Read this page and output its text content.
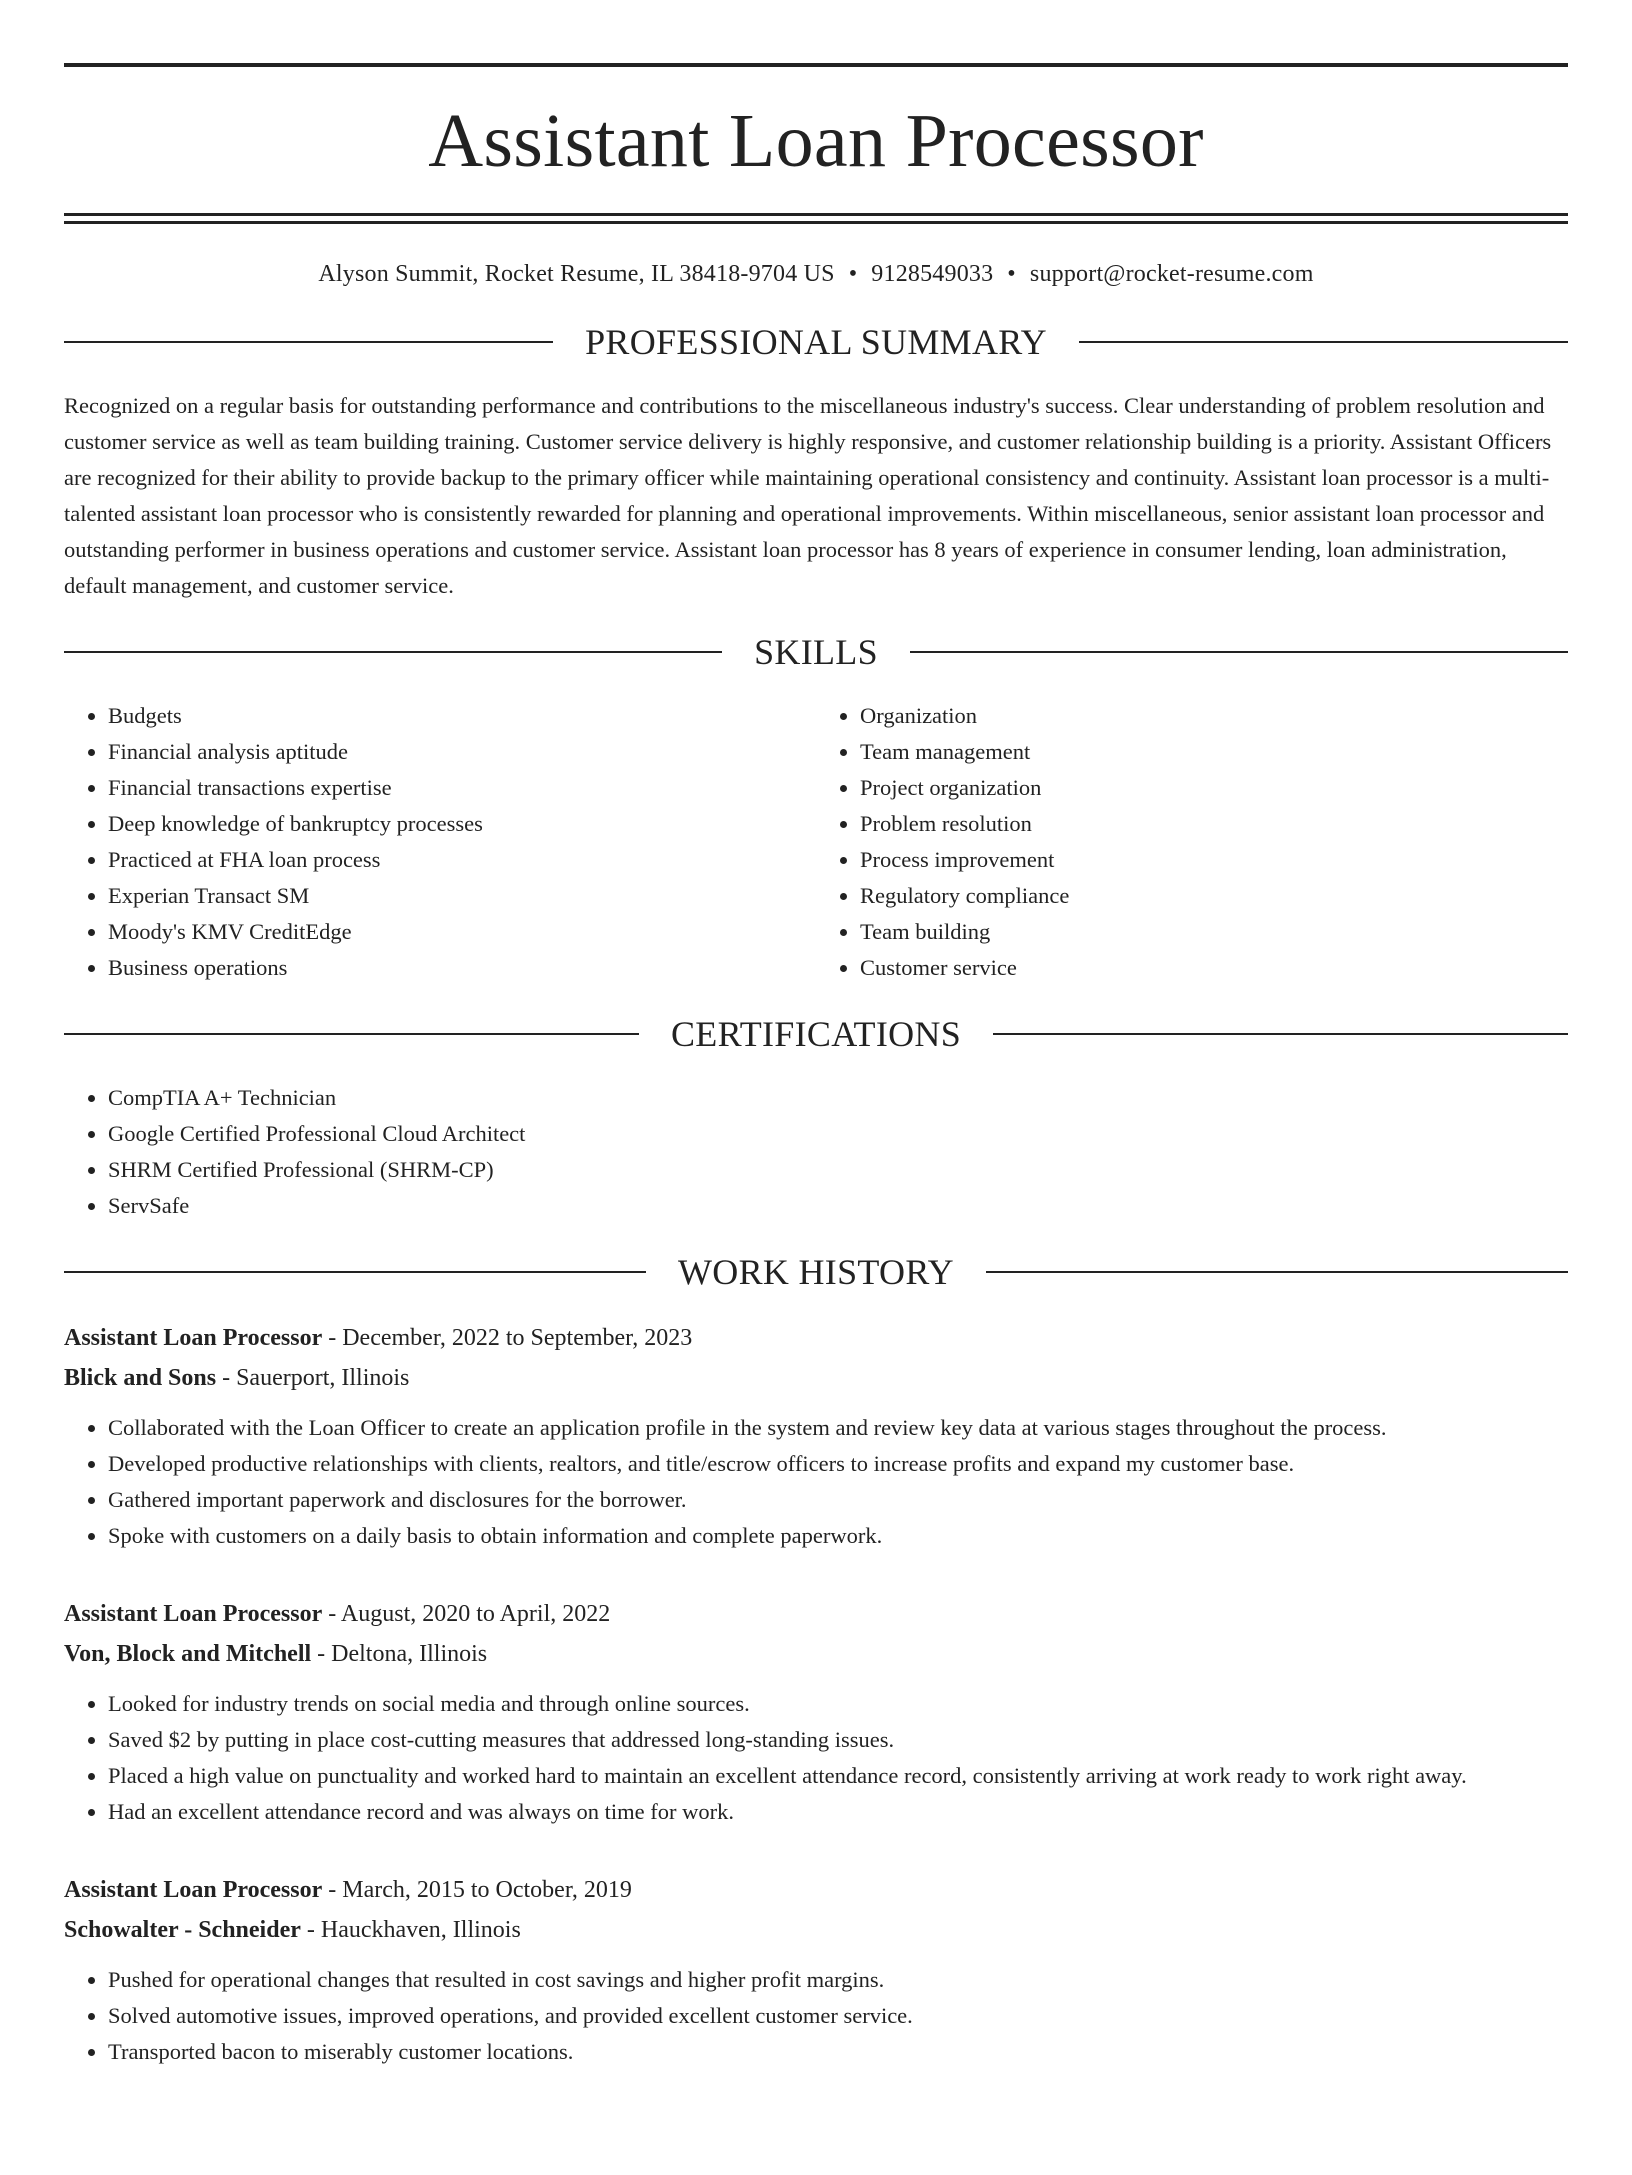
Assistant Loan Processor
Alyson Summit, Rocket Resume, IL 38418-9704 US • 9128549033 • support@rocket-resume.com
PROFESSIONAL SUMMARY
Recognized on a regular basis for outstanding performance and contributions to the miscellaneous industry's success. Clear understanding of problem resolution and customer service as well as team building training. Customer service delivery is highly responsive, and customer relationship building is a priority. Assistant Officers are recognized for their ability to provide backup to the primary officer while maintaining operational consistency and continuity. Assistant loan processor is a multi-talented assistant loan processor who is consistently rewarded for planning and operational improvements. Within miscellaneous, senior assistant loan processor and outstanding performer in business operations and customer service. Assistant loan processor has 8 years of experience in consumer lending, loan administration, default management, and customer service.
SKILLS
• Budgets
• Financial analysis aptitude
• Financial transactions expertise
• Deep knowledge of bankruptcy processes
• Practiced at FHA loan process
• Experian Transact SM
• Moody's KMV CreditEdge
• Business operations
• Organization
• Team management
• Project organization
• Problem resolution
• Process improvement
• Regulatory compliance
• Team building
• Customer service
CERTIFICATIONS
• CompTIA A+ Technician
• Google Certified Professional Cloud Architect
• SHRM Certified Professional (SHRM-CP)
• ServSafe
WORK HISTORY
Assistant Loan Processor - December, 2022 to September, 2023
Blick and Sons - Sauerport, Illinois
• Collaborated with the Loan Officer to create an application profile in the system and review key data at various stages throughout the process.
• Developed productive relationships with clients, realtors, and title/escrow officers to increase profits and expand my customer base.
• Gathered important paperwork and disclosures for the borrower.
• Spoke with customers on a daily basis to obtain information and complete paperwork.
Assistant Loan Processor - August, 2020 to April, 2022
Von, Block and Mitchell - Deltona, Illinois
• Looked for industry trends on social media and through online sources.
• Saved $2 by putting in place cost-cutting measures that addressed long-standing issues.
• Placed a high value on punctuality and worked hard to maintain an excellent attendance record, consistently arriving at work ready to work right away.
• Had an excellent attendance record and was always on time for work.
Assistant Loan Processor - March, 2015 to October, 2019
Schowalter - Schneider - Hauckhaven, Illinois
• Pushed for operational changes that resulted in cost savings and higher profit margins.
• Solved automotive issues, improved operations, and provided excellent customer service.
• Transported bacon to miserably customer locations.
